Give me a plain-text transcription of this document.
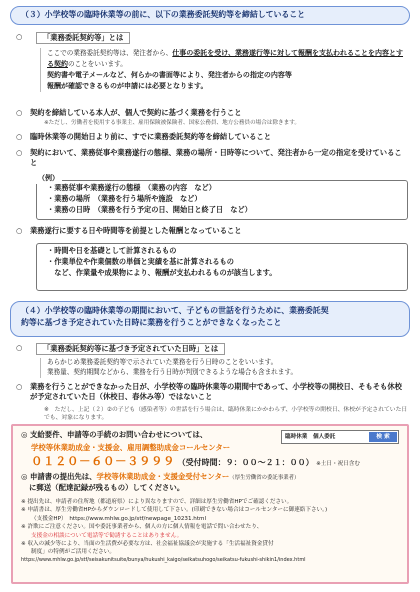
（３）小学校等の臨時休業等の前に、以下の業務委託契約等を締結していること
○	「業務委託契約等」とは
ここでの業務委託契約等は、発注者から、仕事の委託を受け、業務遂行等に対して報酬を支払われることを内容とする契約のことをいいます。
契約書や電子メールなど、何らかの書面等により、発注者からの指定の内容等
報酬が確認できるものが申請には必要となります。
○ 契約を締結している本人が、個人で契約に基づく業務を行うこと
※ただし、労働者を使用する事業主、雇用保険被保険者、国家公務員、地方公務員の場合は除きます。
○ 臨時休業等の開始日より前に、すでに業務委託契約等を締結していること
○ 契約において、業務従事や業務遂行の態様、業務の場所・日時等について、発注者から一定の指定を受けていること
（例）
・業務従事や業務遂行の態様　（業務の内容　など）
・業務の場所　（業務を行う場所や施設　など）
・業務の日時　（業務を行う予定の日、開始日と終了日　など）
○ 業務遂行に要する日や時間等を前提とした報酬となっていること
・時間や日を基礎として計算されるもの
・作業単位や作業個数の単価と実績を基に計算されるもの
　など、作業量や成果物により、報酬が支払われるものが該当します。
（４）小学校等の臨時休業等の期間において、子どもの世話を行うために、業務委託契
約等に基づき予定されていた日時に業務を行うことができなくなったこと
○	「業務委託契約等に基づき予定されていた日時」とは
あらかじめ業務委託契約等で示されていた業務を行う日時のことをいいます。
業務量、契約期間などから、業務を行う日時が判別できるような場合も含まれます。
○ 業務を行うことができなかった日が、小学校等の臨時休業等の期間中であって、小学校等の開校日、そもそも休校が予定されていた日（休校日、春休み等）ではないこと
※　ただし、上記（２）②の子ども（感染者等）の世話を行う場合は、臨時休業にかかわらず、小学校等の開校日、休校が予定されていた日でも、対象になります。
◎ 支給要件、申請等の手続のお問い合わせについては、	臨時休業　個人委託	検 索
学校等休業助成金・支援金、雇用調整助成金コールセンター
０１２０－６０－３９９９ （受付時間：９：００～２１：００） ※土日・祝日含む
◎ 申請書の提出先は、学校等休業助成金・支援金受付センター（厚生労働省の委託事業者）
に郵送（配達記録が残るもの）してください。
※ 提出先は、申請者の住所地（都道府県）により異なりますので、詳細は厚生労働省HPでご確認ください。
※ 申請書は、厚生労働省HPからダウンロードして使用して下さい。(印刷できない場合はコールセンターに御連絡下さい。)
（支援金HP）　https://www.mhlw.go.jp/stf/newpage_10231.html
※ 許欺にご注意ください。国や委託事業者から、個人の方に個人情報を電話で問い合わせたり、
支援金の相談について電話等で勧誘することはありません。
※ 収入の減少等により、当面の生活費が必要な方は、社会福祉協議会が実施する「生活福祉資金貸付
制度」の特例がご活用ください。
https://www.mhlw.go.jp/stf/seisakunitsuite/bunya/hukushi_kaigo/seikatsuhogo/seikatsu-fukushi-shikin1/index.html
